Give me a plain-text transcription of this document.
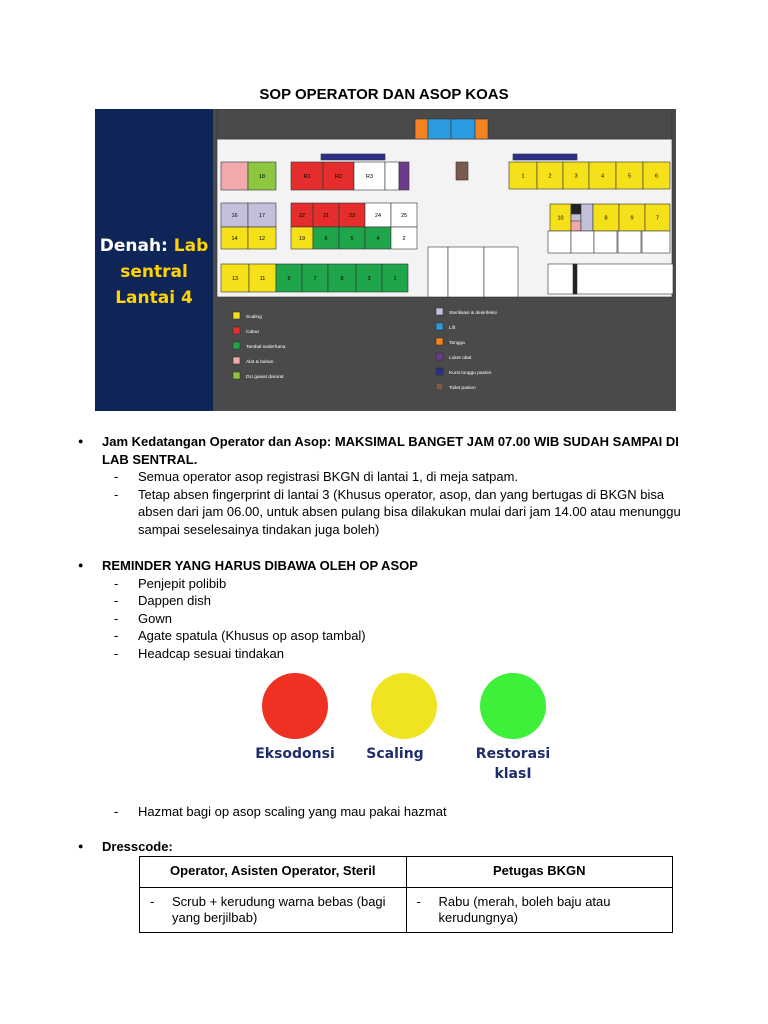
SOP OPERATOR DAN ASOP KOAS
Denah: Lab
sentral
Lantai 4
18
16	17
14	12
R1	R2	R3
22	21	23	24	25
19	6	5	4	2
13	11	9	7	8	3	1
1	2	3	4	5	6
10	8	9	7
Scaling
Cabut
Tambal sederhana
Alat & bahan
DU gawat darurat
Sterilisasi & desinfeksi
Lift
Tangga
Loket obat
Kursi tunggu pasien
Toilet pasien
● Jam Kedatangan Operator dan Asop: MAKSIMAL BANGET JAM 07.00 WIB SUDAH SAMPAI DI LAB SENTRAL.
- Semua operator asop registrasi BKGN di lantai 1, di meja satpam.
- Tetap absen fingerprint di lantai 3 (Khusus operator, asop, dan yang bertugas di BKGN bisa absen dari jam 06.00, untuk absen pulang bisa dilakukan mulai dari jam 14.00 atau menunggu sampai seselesainya tindakan juga boleh)
● REMINDER YANG HARUS DIBAWA OLEH OP ASOP
- Penjepit polibib
- Dappen dish
- Gown
- Agate spatula (Khusus op asop tambal)
- Headcap sesuai tindakan
Eksodonsi	Scaling	Restorasi klasI
- Hazmat bagi op asop scaling yang mau pakai hazmat
● Dresscode:
Operator, Asisten Operator, Steril	Petugas BKGN

- Scrub + kerudung warna bebas (bagi yang berjilbab)	- Rabu (merah, boleh baju atau kerudungnya)
